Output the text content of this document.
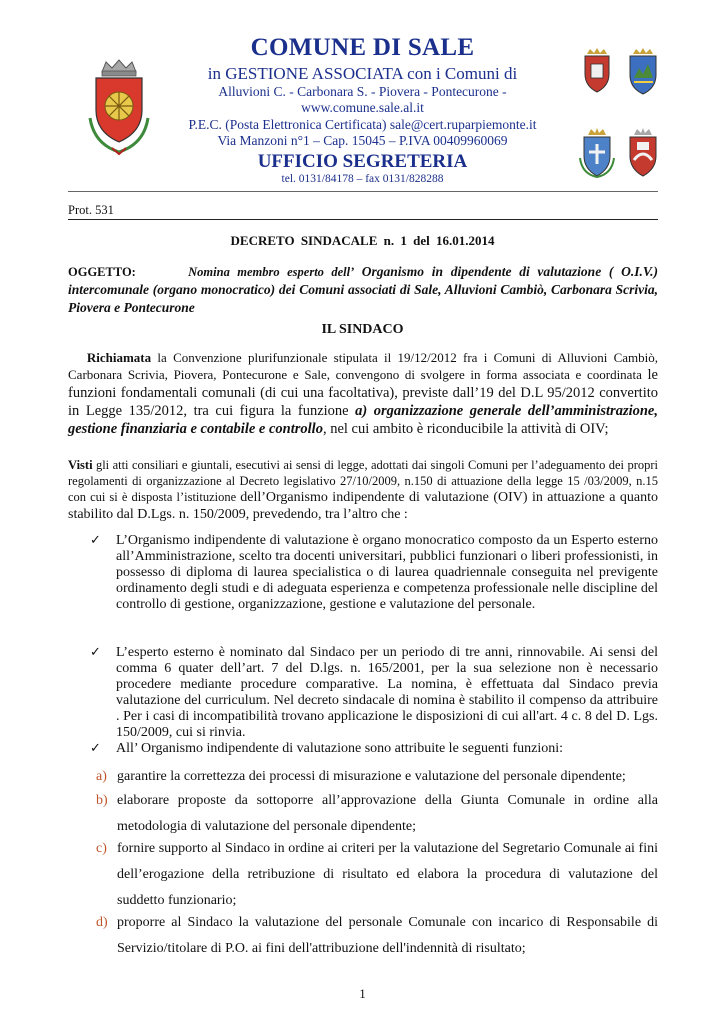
COMUNE DI SALE
in GESTIONE ASSOCIATA con i Comuni di
Alluvioni C. - Carbonara S. - Piovera - Pontecurone -
www.comune.sale.al.it
P.E.C. (Posta Elettronica Certificata) sale@cert.ruparpiemonte.it
Via Manzoni n°1 – Cap. 15045 – P.IVA 00409960069
UFFICIO SEGRETERIA
tel. 0131/84178 – fax 0131/828288
Prot. 531
DECRETO SINDACALE n. 1 del 16.01.2014
OGGETTO:	Nomina membro esperto dell’ Organismo in dipendente di valutazione ( O.I.V.) intercomunale (organo monocratico) dei Comuni associati di Sale, Alluvioni Cambiò, Carbonara Scrivia, Piovera e Pontecurone
IL SINDACO
Richiamata la Convenzione plurifunzionale stipulata il 19/12/2012 fra i Comuni di Alluvioni Cambiò, Carbonara Scrivia, Piovera, Pontecurone e Sale, convengono di svolgere in forma associata e coordinata le funzioni fondamentali comunali (di cui una facoltativa), previste dall’19 del D.L 95/2012 convertito in Legge 135/2012, tra cui figura la funzione a) organizzazione generale dell’amministrazione, gestione finanziaria e contabile e controllo, nel cui ambito è riconducibile la attività di OIV;
Visti gli atti consiliari e giuntali, esecutivi ai sensi di legge, adottati dai singoli Comuni per l’adeguamento dei propri regolamenti di organizzazione al Decreto legislativo 27/10/2009, n.150 di attuazione della legge 15 /03/2009, n.15 con cui si è disposta l’istituzione dell’Organismo indipendente di valutazione (OIV) in attuazione a quanto stabilito dal D.Lgs. n. 150/2009, prevedendo, tra l’altro che :
✓ L’Organismo indipendente di valutazione è organo monocratico composto da un Esperto esterno all’Amministrazione, scelto tra docenti universitari, pubblici funzionari o liberi professionisti, in possesso di diploma di laurea specialistica o di laurea quadriennale conseguita nel previgente ordinamento degli studi e di adeguata esperienza e competenza professionale nelle discipline del controllo di gestione, organizzazione, gestione e valutazione del personale.
✓ L’esperto esterno è nominato dal Sindaco per un periodo di tre anni, rinnovabile. Ai sensi del comma 6 quater dell’art. 7 del D.lgs. n. 165/2001, per la sua selezione non è necessario procedere mediante procedure comparative. La nomina, è effettuata dal Sindaco previa valutazione del curriculum. Nel decreto sindacale di nomina è stabilito il compenso da attribuire . Per i casi di incompatibilità trovano applicazione le disposizioni di cui all'art. 4 c. 8 del D. Lgs. 150/2009, cui si rinvia.
✓ All’ Organismo indipendente di valutazione sono attribuite le seguenti funzioni:
a) garantire la correttezza dei processi di misurazione e valutazione del personale dipendente;
b) elaborare proposte da sottoporre all’approvazione della Giunta Comunale in ordine alla metodologia di valutazione del personale dipendente;
c) fornire supporto al Sindaco in ordine ai criteri per la valutazione del Segretario Comunale ai fini dell’erogazione della retribuzione di risultato ed elabora la procedura di valutazione del suddetto funzionario;
d) proporre al Sindaco la valutazione del personale Comunale con incarico di Responsabile di Servizio/titolare di P.O. ai fini dell'attribuzione dell'indennità di risultato;
1
